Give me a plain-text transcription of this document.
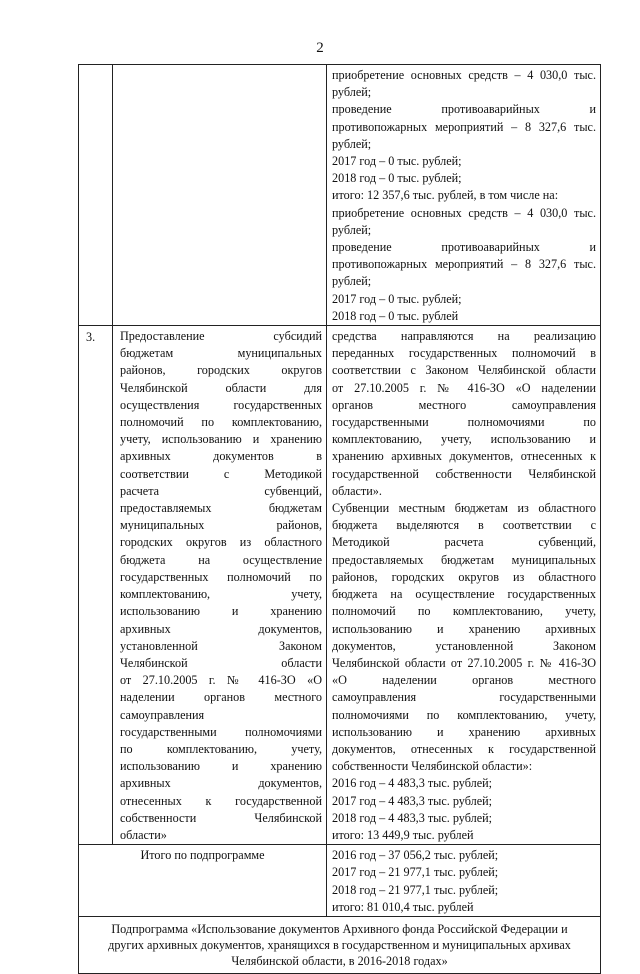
2
приобретение основных средств – 4 030,0 тыс.
рублей;
проведение противоаварийных и
противопожарных мероприятий – 8 327,6 тыс.
рублей;
2017 год – 0 тыс. рублей;
2018 год – 0 тыс. рублей;
итого: 12 357,6 тыс. рублей, в том числе на:
приобретение основных средств – 4 030,0 тыс.
рублей;
проведение противоаварийных и
противопожарных мероприятий – 8 327,6 тыс.
рублей;
2017 год – 0 тыс. рублей;
2018 год – 0 тыс. рублей
3.	Предоставление субсидий
бюджетам муниципальных
районов, городских округов
Челябинской области для
осуществления государственных
полномочий по комплектованию,
учету, использованию и хранению
архивных документов в
соответствии с Методикой
расчета субвенций,
предоставляемых бюджетам
муниципальных районов,
городских округов из областного
бюджета на осуществление
государственных полномочий по
комплектованию, учету,
использованию и хранению
архивных документов,
установленной Законом
Челябинской области
от 27.10.2005 г. № 416-ЗО «О
наделении органов местного
самоуправления
государственными полномочиями
по комплектованию, учету,
использованию и хранению
архивных документов,
отнесенных к государственной
собственности Челябинской
области»
средства направляются на реализацию
переданных государственных полномочий в
соответствии с Законом Челябинской области
от 27.10.2005 г. № 416-ЗО «О наделении
органов местного самоуправления
государственными полномочиями по
комплектованию, учету, использованию и
хранению архивных документов, отнесенных к
государственной собственности Челябинской
области».
Субвенции местным бюджетам из областного
бюджета выделяются в соответствии с
Методикой расчета субвенций,
предоставляемых бюджетам муниципальных
районов, городских округов из областного
бюджета на осуществление государственных
полномочий по комплектованию, учету,
использованию и хранению архивных
документов, установленной Законом
Челябинской области от 27.10.2005 г. № 416-ЗО
«О наделении органов местного
самоуправления государственными
полномочиями по комплектованию, учету,
использованию и хранению архивных
документов, отнесенных к государственной
собственности Челябинской области»:
2016 год – 4 483,3 тыс. рублей;
2017 год – 4 483,3 тыс. рублей;
2018 год – 4 483,3 тыс. рублей;
итого: 13 449,9 тыс. рублей
Итого по подпрограмме	2016 год – 37 056,2 тыс. рублей;
2017 год – 21 977,1 тыс. рублей;
2018 год – 21 977,1 тыс. рублей;
итого: 81 010,4 тыс. рублей
Подпрограмма «Использование документов Архивного фонда Российской Федерации и
других архивных документов, хранящихся в государственном и муниципальных архивах
Челябинской области, в 2016-2018 годах»
